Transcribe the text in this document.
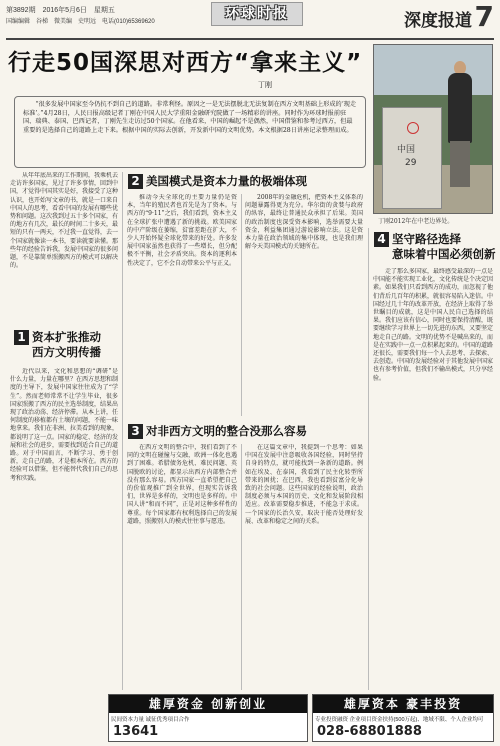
第3892期　2016年5月6日　星期五
国编编辑　谷梯　微美编　史明远　电话(010)65369620	环球时报	深度报道 7
行走50国深思对西方“拿来主义”
丁刚
中国
29
丁刚2012年在中老边界处。

“很多发展中国家至今仍抗不到自己的道路。非常利怪。原因之一是无法摆脱北无法复制在西方文明基础上形成的‘现走标准’。”4月28日，人民日报高级记者丁刚在中国人民大学重阳金融研究院做了一场精彩的讲座。同时作为环球时报前驻国、瑞典、泰国、巴西记者，丁刚先生走访过50个国家。在他看来，中国的崛起不是偶然，中国借鉴和参考过西方，但最重要的是选择自己的道路上走下来。根据中国的实际去创新，开发新中国的文明优势。本文根据28日讲座记录整理而成。

从年年底出来的工作期间，我乘机去走访许多国家，见过了许多事情，回到中国，才觉得中国其实是好，我接受了这种认识，也开始写文章的书，就是一口来自中国人的思考，看看中国的发展有哪些优势和问题。这次我到过五十多个国家，有的地方有几次，最长的时间二十多天，最短的只有一两天，不过我一直觉得，去一个国家就像读一本书，要读就要读懂。那些年的经验告诉我，发展中国家的很多问题，不是靠简单照搬西方的模式可以解决的。

1 资本扩张推动
西方文明传播

近代以来，文化和思想的“调研”是什么力量，力量在哪里？在西方思想和制度的主导下，发展中国家往往成为了“学生”。然而老师常常不让学生毕业，很多国家照搬了西方的民主选举制度，结果出现了政治动荡、经济停滞。从本上讲，任何制度的移植都有土壤的问题，不能一味地拿来。我们在非洲、拉美看到的现象，都说明了这一点。国家的稳定、经济的发展和社会的进步，需要找到适合自己的道路。对于中国而言，不断学习、勇于创新，走自己的路，才是根本所在。西方的经验可以借鉴，但不能替代我们自己的思考和实践。

2 美国模式是资本力量的极端体现

推动今天全球化的主要力量仍是资本，当年的殖民者也首先是为了资本。与西方的“9·11”之后，我们看到，资本主义在全球扩张中遭遇了新的挑战。欧美国家的中产阶级在萎缩，贫富差距在扩大，不少人开始怀疑全球化带来的好处。许多发展中国家虽然也获得了一些增长，但分配极不平衡，社会矛盾突出。资本的逐利本性决定了，它不会自动带来公平与正义。

2008年的金融危机，把资本主义体系的问题暴露得更为充分。华尔街的贪婪与政府的纵容，最终让普通民众承担了后果。美国的政治制度也深受资本影响，选举需要大量资金，利益集团通过游说影响立法。这是资本力量在政治领域的集中体现，也是我们理解今天美国模式的关键所在。

3 对非西方文明的整合没那么容易

在西方文明的整合中，我们看到了不同的文明在碰撞与交融，欧洲一体化也遇到了困难。希腊债务危机、难民问题、英国脱欧的讨论，都显示出西方内部整合并没有那么容易。西方国家一直希望把自己的价值观推广到全世界，但现实告诉我们，世界是多样的，文明也是多样的。中国人讲“和而不同”，正是对这种多样性的尊重。每个国家都有权利选择自己的发展道路，照搬别人的模式往往事与愿违。

在这篇文章中，我提到一个思考：如果中国在发展中注意吸收各国经验，同时坚持自身的特点，就可能找到一条新的道路。例如在埃及、在泰国，我看到了民主化转型所带来的困扰；在巴西，我也看到贫富分化导致的社会问题。这些国家的经验说明，政治制度必须与本国的历史、文化和发展阶段相适应。改革需要稳步推进，不能急于求成。一个国家的长治久安，取决于能否处理好发展、改革和稳定之间的关系。

4 坚守路径选择
意味着中国必须创新

走了那么多国家，最终感受最深的一点是中国能不能实现工业化，文化传统是个决定因素。如果我们只看到西方的成功，而忽视了他们背后几百年的积累，就很容易陷入迷信。中国经过几十年的改革开放，在经济上取得了举世瞩目的成就，这是中国人民自己选择的结果。我们应该有信心，同时也要保持清醒，既要继续学习世界上一切先进的东西，又要坚定地走自己的路。文明的优势不是喊出来的，而是在实践中一点一点积累起来的。中国的道路还很长，需要我们每一个人去思考、去探索、去创造。中国的发展经验对于其他发展中国家也有参考价值，但我们不输出模式，只分享经验。

雄厚资金 创新创业
民间资本力量 诚征优秀项目合作
13641
雄厚资本 豪丰投资
专业投资融资 企业项目资金扶持(500万起)、地域不限、个人企业均可
028-68801888
